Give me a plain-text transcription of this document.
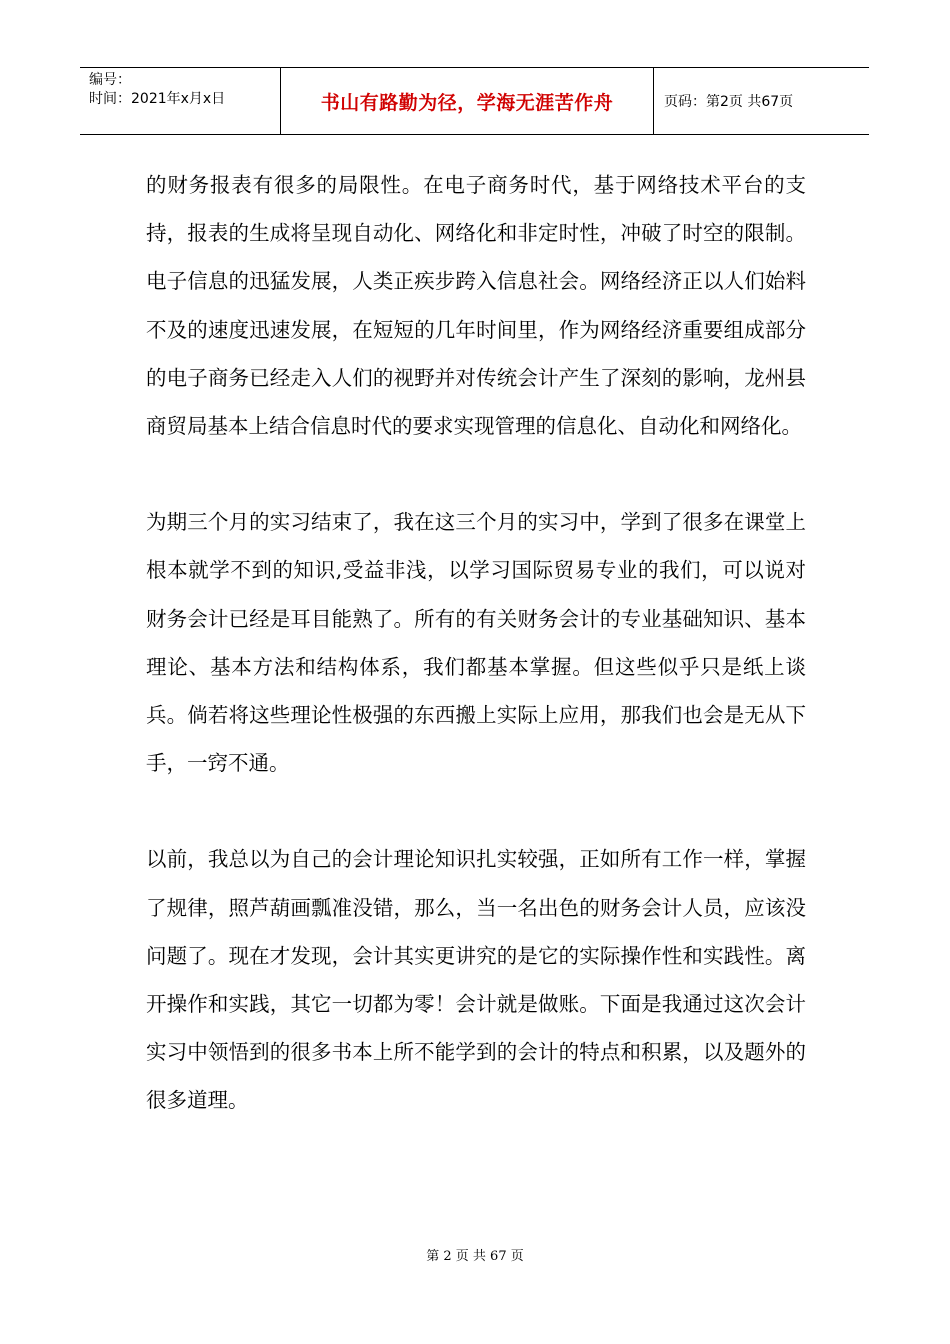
编号：
时间：2021年x月x日	书山有路勤为径，学海无涯苦作舟	页码：第2页 共67页

的财务报表有很多的局限性。在电子商务时代，基于网络技术平台的支持，报表的生成将呈现自动化、网络化和非定时性，冲破了时空的限制。电子信息的迅猛发展，人类正疾步跨入信息社会。网络经济正以人们始料不及的速度迅速发展，在短短的几年时间里，作为网络经济重要组成部分的电子商务已经走入人们的视野并对传统会计产生了深刻的影响，龙州县商贸局基本上结合信息时代的要求实现管理的信息化、自动化和网络化。

为期三个月的实习结束了，我在这三个月的实习中，学到了很多在课堂上根本就学不到的知识,受益非浅，以学习国际贸易专业的我们，可以说对财务会计已经是耳目能熟了。所有的有关财务会计的专业基础知识、基本理论、基本方法和结构体系，我们都基本掌握。但这些似乎只是纸上谈兵。倘若将这些理论性极强的东西搬上实际上应用，那我们也会是无从下手，一窍不通。

以前，我总以为自己的会计理论知识扎实较强，正如所有工作一样，掌握了规律，照芦葫画瓢准没错，那么，当一名出色的财务会计人员，应该没问题了。现在才发现，会计其实更讲究的是它的实际操作性和实践性。离开操作和实践，其它一切都为零！会计就是做账。下面是我通过这次会计实习中领悟到的很多书本上所不能学到的会计的特点和积累，以及题外的很多道理。

第 2 页 共 67 页
